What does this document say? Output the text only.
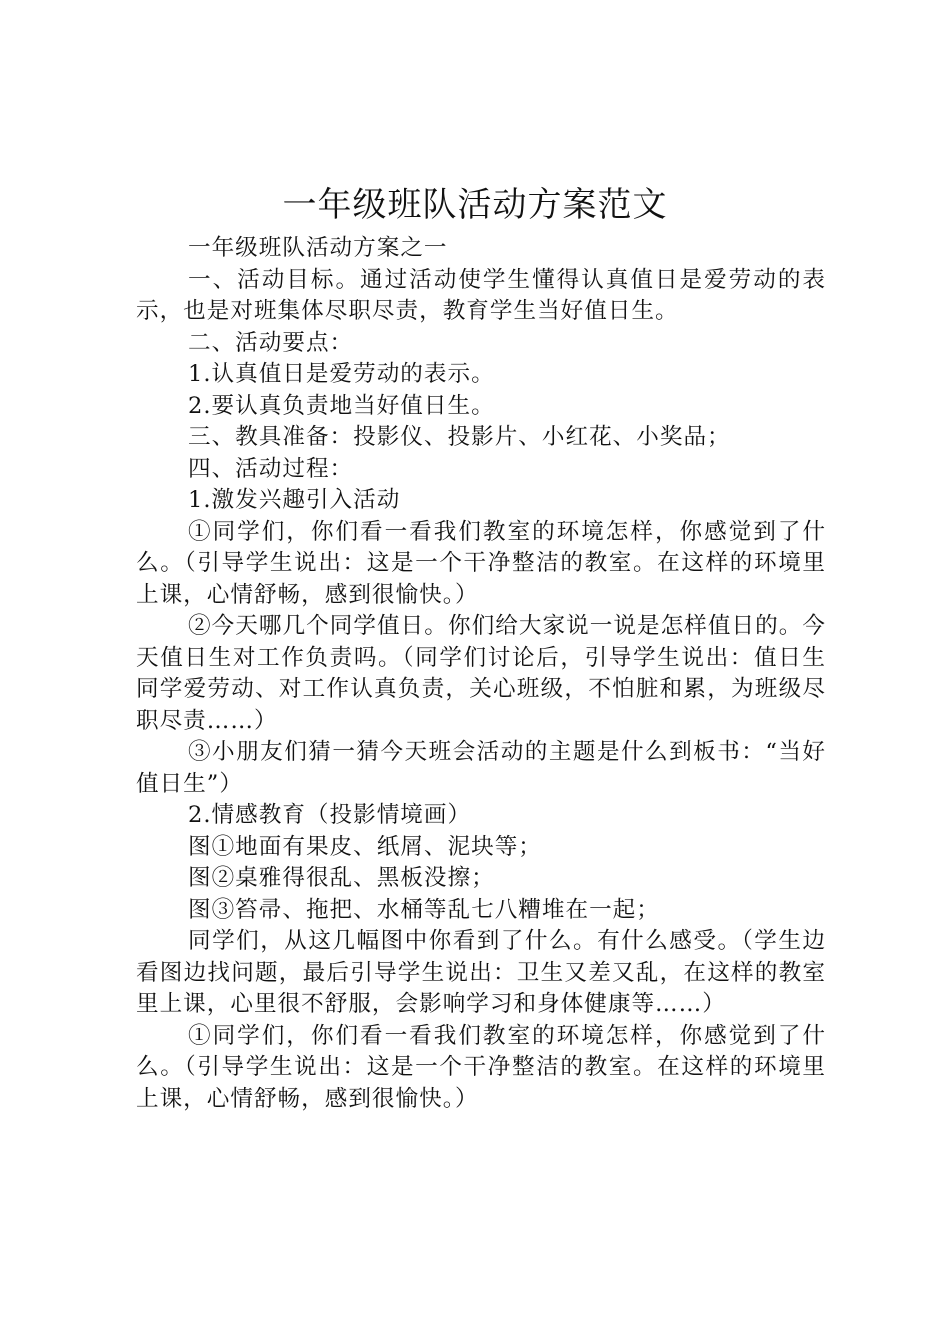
一年级班队活动方案范文

一年级班队活动方案之一

一、活动目标。通过活动使学生懂得认真值日是爱劳动的表示，也是对班集体尽职尽责，教育学生当好值日生。

二、活动要点：

1.认真值日是爱劳动的表示。

2.要认真负责地当好值日生。

三、教具准备：投影仪、投影片、小红花、小奖品；

四、活动过程：

1.激发兴趣引入活动

①同学们，你们看一看我们教室的环境怎样，你感觉到了什么。（引导学生说出：这是一个干净整洁的教室。在这样的环境里上课，心情舒畅，感到很愉快。）

②今天哪几个同学值日。你们给大家说一说是怎样值日的。今天值日生对工作负责吗。（同学们讨论后，引导学生说出：值日生同学爱劳动、对工作认真负责，关心班级，不怕脏和累，为班级尽职尽责……）

③小朋友们猜一猜今天班会活动的主题是什么到板书：“当好值日生”）

2.情感教育（投影情境画）

图①地面有果皮、纸屑、泥块等；

图②桌雅得很乱、黑板没擦；

图③笞帚、拖把、水桶等乱七八糟堆在一起；

同学们，从这几幅图中你看到了什么。有什么感受。（学生边看图边找问题，最后引导学生说出：卫生又差又乱，在这样的教室里上课，心里很不舒服，会影响学习和身体健康等……）

①同学们，你们看一看我们教室的环境怎样，你感觉到了什么。（引导学生说出：这是一个干净整洁的教室。在这样的环境里上课，心情舒畅，感到很愉快。）
